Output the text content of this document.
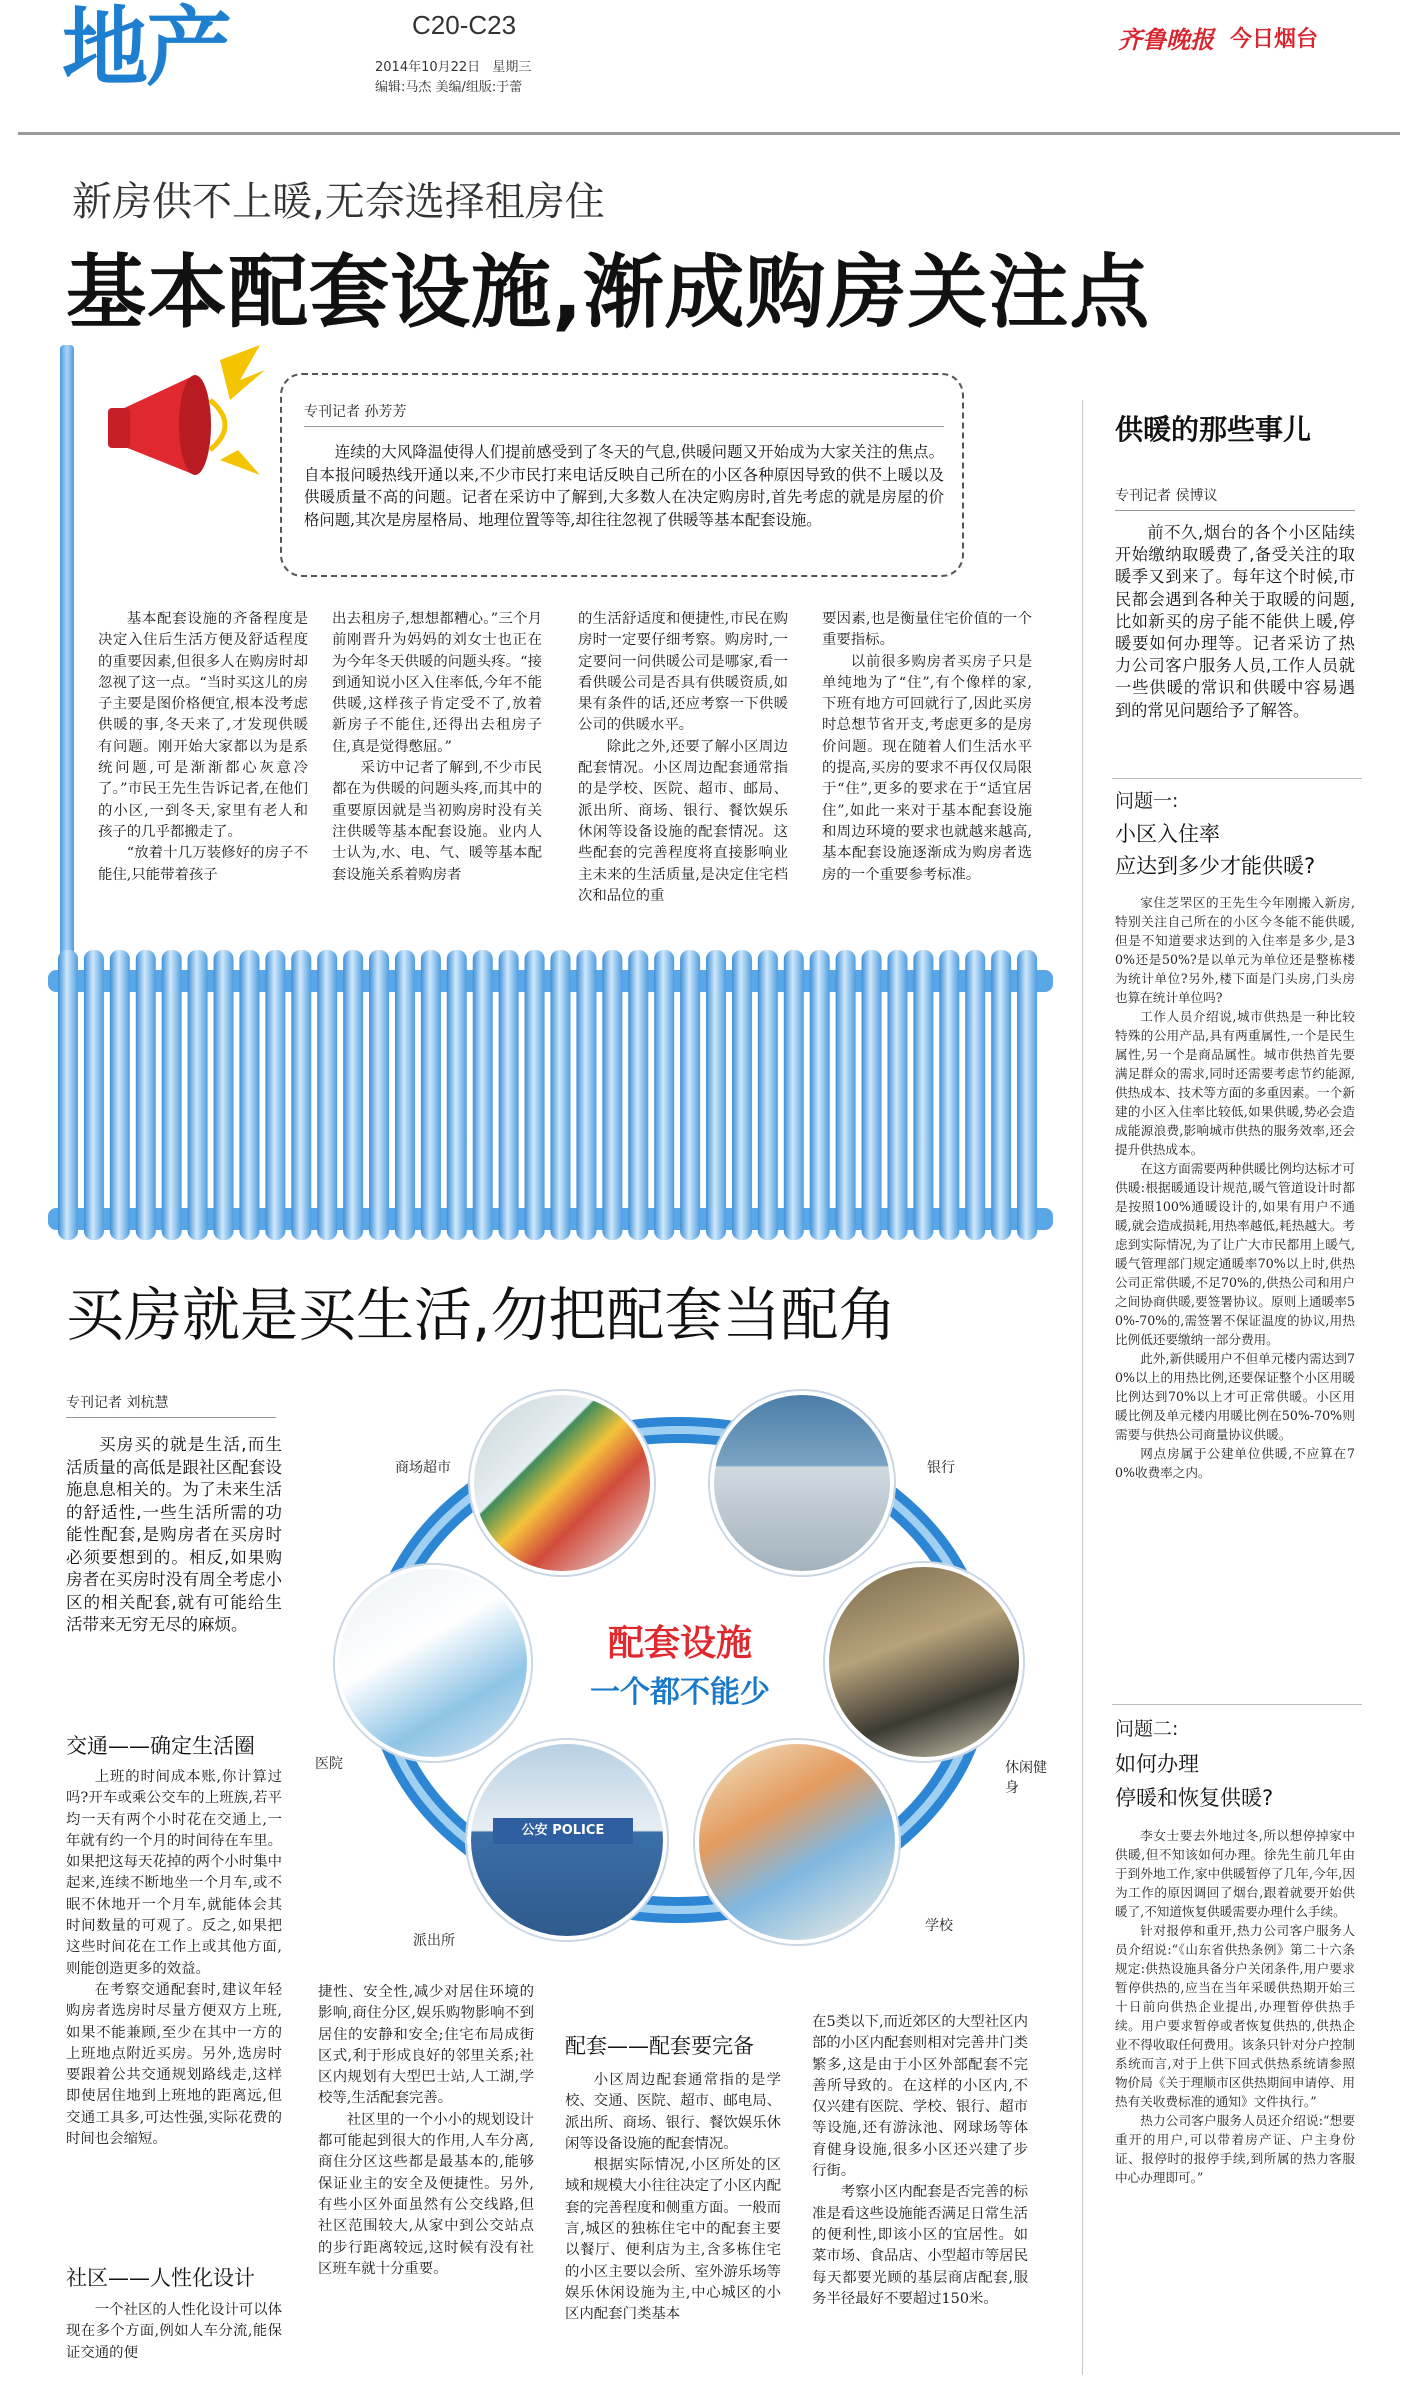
地产	C20-C23
2014年10月22日 星期三
编辑:马杰 美编/组版:于蕾
齐鲁晚报 今日烟台
新房供不上暖,无奈选择租房住
基本配套设施,渐成购房关注点
专刊记者 孙芳芳
连续的大风降温使得人们提前感受到了冬天的气息,供暖问题又开始成为大家关注的焦点。自本报问暖热线开通以来,不少市民打来电话反映自己所在的小区各种原因导致的供不上暖以及供暖质量不高的问题。记者在采访中了解到,大多数人在决定购房时,首先考虑的就是房屋的价格问题,其次是房屋格局、地理位置等等,却往往忽视了供暖等基本配套设施。

基本配套设施的齐备程度是决定入住后生活方便及舒适程度的重要因素,但很多人在购房时却忽视了这一点。“当时买这儿的房子主要是图价格便宜,根本没考虑供暖的事,冬天来了,才发现供暖有问题。刚开始大家都以为是系统问题,可是渐渐都心灰意冷了。”市民王先生告诉记者,在他们的小区,一到冬天,家里有老人和孩子的几乎都搬走了。

“放着十几万装修好的房子不能住,只能带着孩子

出去租房子,想想都糟心。”三个月前刚晋升为妈妈的刘女士也正在为今年冬天供暖的问题头疼。“接到通知说小区入住率低,今年不能供暖,这样孩子肯定受不了,放着新房子不能住,还得出去租房子住,真是觉得憋屈。”

采访中记者了解到,不少市民都在为供暖的问题头疼,而其中的重要原因就是当初购房时没有关注供暖等基本配套设施。业内人士认为,水、电、气、暖等基本配套设施关系着购房者

的生活舒适度和便捷性,市民在购房时一定要仔细考察。购房时,一定要问一问供暖公司是哪家,看一看供暖公司是否具有供暖资质,如果有条件的话,还应考察一下供暖公司的供暖水平。

除此之外,还要了解小区周边配套情况。小区周边配套通常指的是学校、医院、超市、邮局、派出所、商场、银行、餐饮娱乐休闲等设备设施的配套情况。这些配套的完善程度将直接影响业主未来的生活质量,是决定住宅档次和品位的重

要因素,也是衡量住宅价值的一个重要指标。

以前很多购房者买房子只是单纯地为了“住”,有个像样的家,下班有地方可回就行了,因此买房时总想节省开支,考虑更多的是房价问题。现在随着人们生活水平的提高,买房的要求不再仅仅局限于“住”,更多的要求在于“适宜居住”,如此一来对于基本配套设施和周边环境的要求也就越来越高,基本配套设施逐渐成为购房者选房的一个重要参考标准。

买房就是买生活,勿把配套当配角
专刊记者 刘杭慧
买房买的就是生活,而生活质量的高低是跟社区配套设施息息相关的。为了未来生活的舒适性,一些生活所需的功能性配套,是购房者在买房时必须要想到的。相反,如果购房者在买房时没有周全考虑小区的相关配套,就有可能给生活带来无穷无尽的麻烦。
交通——确定生活圈

上班的时间成本账,你计算过吗?开车或乘公交车的上班族,若平均一天有两个小时花在交通上,一年就有约一个月的时间待在车里。如果把这每天花掉的两个小时集中起来,连续不断地坐一个月车,或不眠不休地开一个月车,就能体会其时间数量的可观了。反之,如果把这些时间花在工作上或其他方面,则能创造更多的效益。

在考察交通配套时,建议年轻购房者选房时尽量方便双方上班,如果不能兼顾,至少在其中一方的上班地点附近买房。另外,选房时要跟着公共交通规划路线走,这样即使居住地到上班地的距离远,但交通工具多,可达性强,实际花费的时间也会缩短。

社区——人性化设计

一个社区的人性化设计可以体现在多个方面,例如人车分流,能保证交通的便

公安 POLICE
配套设施
一个都不能少
商场超市	银行
休闲健身
学校
派出所
医院

捷性、安全性,减少对居住环境的影响,商住分区,娱乐购物影响不到居住的安静和安全;住宅布局成街区式,利于形成良好的邻里关系;社区内规划有大型巴士站,人工湖,学校等,生活配套完善。

社区里的一个小小的规划设计都可能起到很大的作用,人车分离,商住分区这些都是最基本的,能够保证业主的安全及便捷性。另外,有些小区外面虽然有公交线路,但社区范围较大,从家中到公交站点的步行距离较远,这时候有没有社区班车就十分重要。

配套——配套要完备

小区周边配套通常指的是学校、交通、医院、超市、邮电局、派出所、商场、银行、餐饮娱乐休闲等设备设施的配套情况。

根据实际情况,小区所处的区域和规模大小往往决定了小区内配套的完善程度和侧重方面。一般而言,城区的独栋住宅中的配套主要以餐厅、便利店为主,含多栋住宅的小区主要以会所、室外游乐场等娱乐休闲设施为主,中心城区的小区内配套门类基本

在5类以下,而近郊区的大型社区内部的小区内配套则相对完善井门类繁多,这是由于小区外部配套不完善所导致的。在这样的小区内,不仅兴建有医院、学校、银行、超市等设施,还有游泳池、网球场等体育健身设施,很多小区还兴建了步行街。

考察小区内配套是否完善的标准是看这些设施能否满足日常生活的便利性,即该小区的宜居性。如菜市场、食品店、小型超市等居民每天都要光顾的基层商店配套,服务半径最好不要超过150米。

供暖的那些事儿
专刊记者 侯博议
前不久,烟台的各个小区陆续开始缴纳取暖费了,备受关注的取暖季又到来了。每年这个时候,市民都会遇到各种关于取暖的问题,比如新买的房子能不能供上暖,停暖要如何办理等。记者采访了热力公司客户服务人员,工作人员就一些供暖的常识和供暖中容易遇到的常见问题给予了解答。
问题一:
小区入住率
应达到多少才能供暖?

家住芝罘区的王先生今年刚搬入新房,特别关注自己所在的小区今冬能不能供暖,但是不知道要求达到的入住率是多少,是30%还是50%?是以单元为单位还是整栋楼为统计单位?另外,楼下面是门头房,门头房也算在统计单位吗?

工作人员介绍说,城市供热是一种比较特殊的公用产品,具有两重属性,一个是民生属性,另一个是商品属性。城市供热首先要满足群众的需求,同时还需要考虑节约能源,供热成本、技术等方面的多重因素。一个新建的小区入住率比较低,如果供暖,势必会造成能源浪费,影响城市供热的服务效率,还会提升供热成本。

在这方面需要两种供暖比例均达标才可供暖:根据暖通设计规范,暖气管道设计时都是按照100%通暖设计的,如果有用户不通暖,就会造成损耗,用热率越低,耗热越大。考虑到实际情况,为了让广大市民都用上暖气,暖气管理部门规定通暖率70%以上时,供热公司正常供暖,不足70%的,供热公司和用户之间协商供暖,要签署协议。原则上通暖率50%-70%的,需签署不保证温度的协议,用热比例低还要缴纳一部分费用。

此外,新供暖用户不但单元楼内需达到70%以上的用热比例,还要保证整个小区用暖比例达到70%以上才可正常供暖。小区用暖比例及单元楼内用暖比例在50%-70%则需要与供热公司商量协议供暖。

网点房属于公建单位供暖,不应算在70%收费率之内。

问题二:
如何办理
停暖和恢复供暖?

李女士要去外地过冬,所以想停掉家中供暖,但不知该如何办理。徐先生前几年由于到外地工作,家中供暖暂停了几年,今年,因为工作的原因调回了烟台,跟着就要开始供暖了,不知道恢复供暖需要办理什么手续。

针对报停和重开,热力公司客户服务人员介绍说:“《山东省供热条例》第二十六条规定:供热设施具备分户关闭条件,用户要求暂停供热的,应当在当年采暖供热期开始三十日前向供热企业提出,办理暂停供热手续。用户要求暂停或者恢复供热的,供热企业不得收取任何费用。该条只针对分户控制系统而言,对于上供下回式供热系统请参照物价局《关于理顺市区供热期间申请停、用热有关收费标准的通知》文件执行。”

热力公司客户服务人员还介绍说:“想要重开的用户,可以带着房产证、户主身份证、报停时的报停手续,到所属的热力客服中心办理即可。”
